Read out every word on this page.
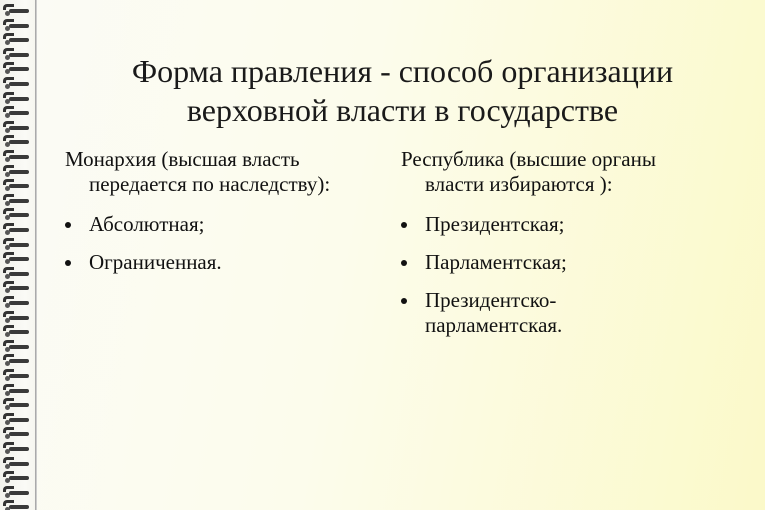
Форма правления - способ организации
верховной власти в государстве
Монархия (высшая власть
передается по наследству):
Абсолютная;
Ограниченная.
Республика (высшие органы
власти избираются ):
Президентская;
Парламентская;
Президентско-
парламентская.
